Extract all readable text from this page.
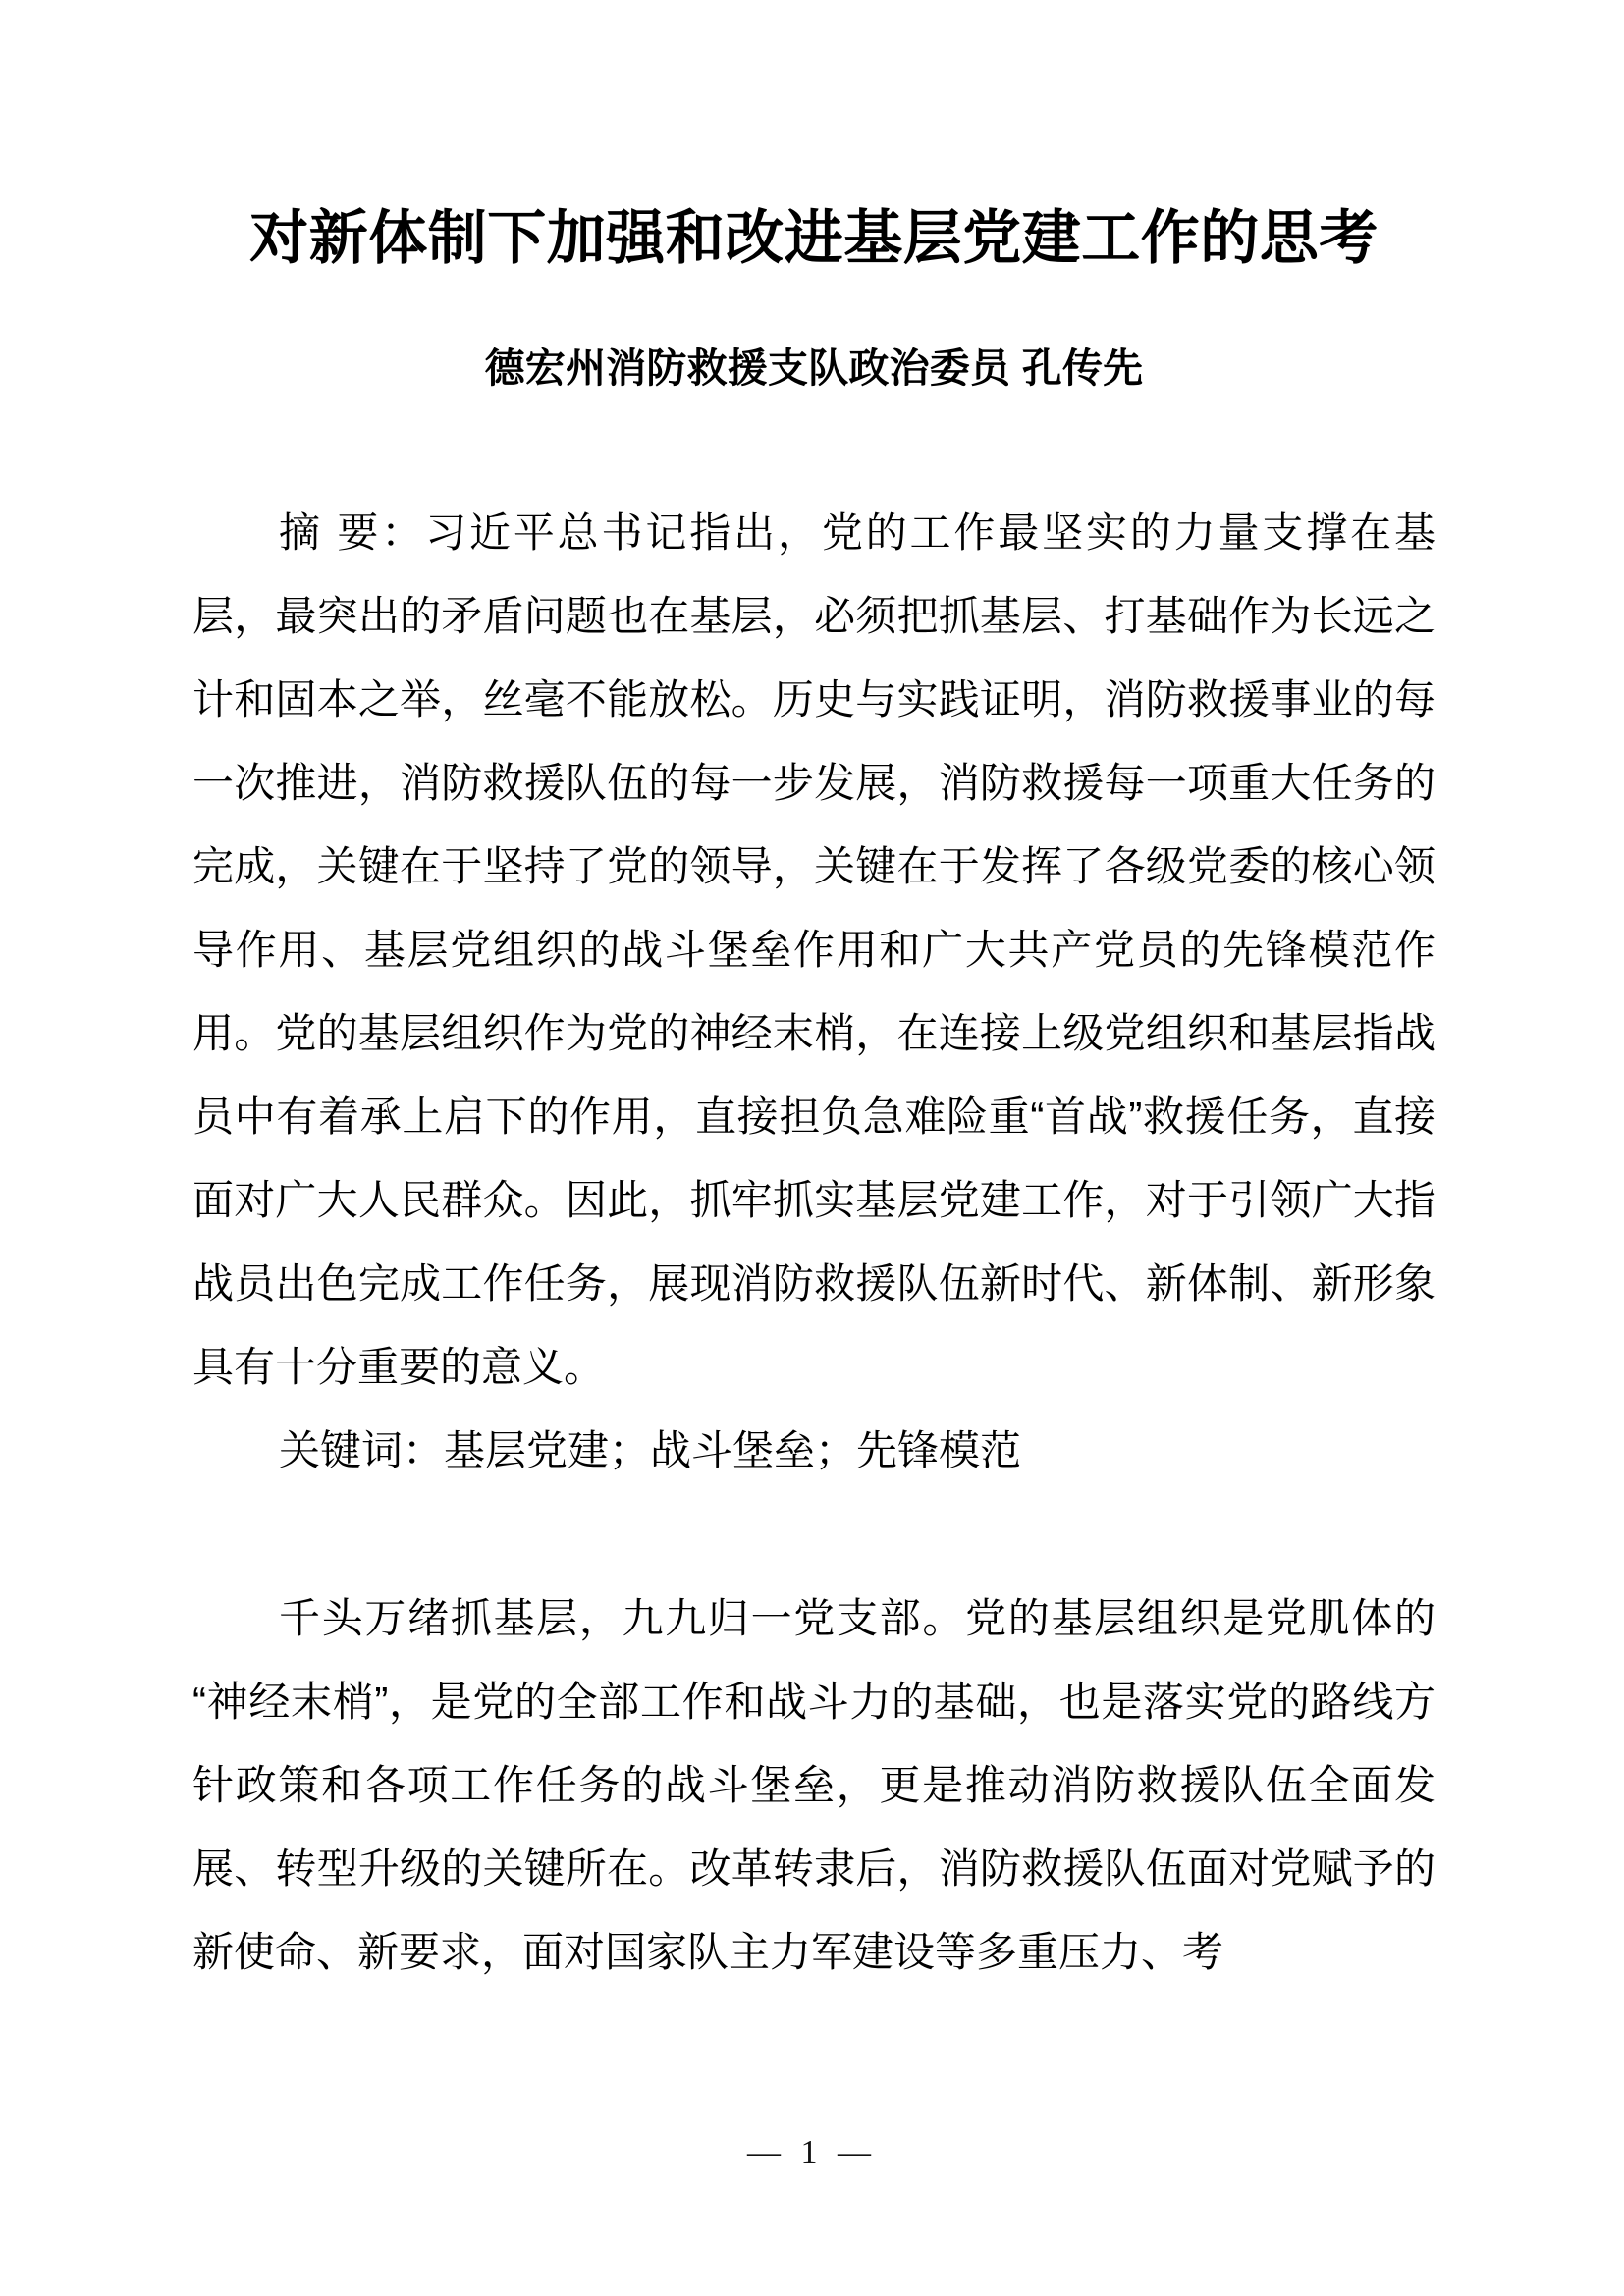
对新体制下加强和改进基层党建工作的思考

德宏州消防救援支队政治委员 孔传先

摘 要：习近平总书记指出，党的工作最坚实的力量支撑在基层，最突出的矛盾问题也在基层，必须把抓基层、打基础作为长远之计和固本之举，丝毫不能放松。历史与实践证明，消防救援事业的每一次推进，消防救援队伍的每一步发展，消防救援每一项重大任务的完成，关键在于坚持了党的领导，关键在于发挥了各级党委的核心领导作用、基层党组织的战斗堡垒作用和广大共产党员的先锋模范作用。党的基层组织作为党的神经末梢，在连接上级党组织和基层指战员中有着承上启下的作用，直接担负急难险重“首战”救援任务，直接面对广大人民群众。因此，抓牢抓实基层党建工作，对于引领广大指战员出色完成工作任务，展现消防救援队伍新时代、新体制、新形象具有十分重要的意义。

关键词：基层党建；战斗堡垒；先锋模范

千头万绪抓基层，九九归一党支部。党的基层组织是党肌体的“神经末梢”，是党的全部工作和战斗力的基础，也是落实党的路线方针政策和各项工作任务的战斗堡垒，更是推动消防救援队伍全面发展、转型升级的关键所在。改革转隶后，消防救援队伍面对党赋予的新使命、新要求，面对国家队主力军建设等多重压力、考

— 1 —
